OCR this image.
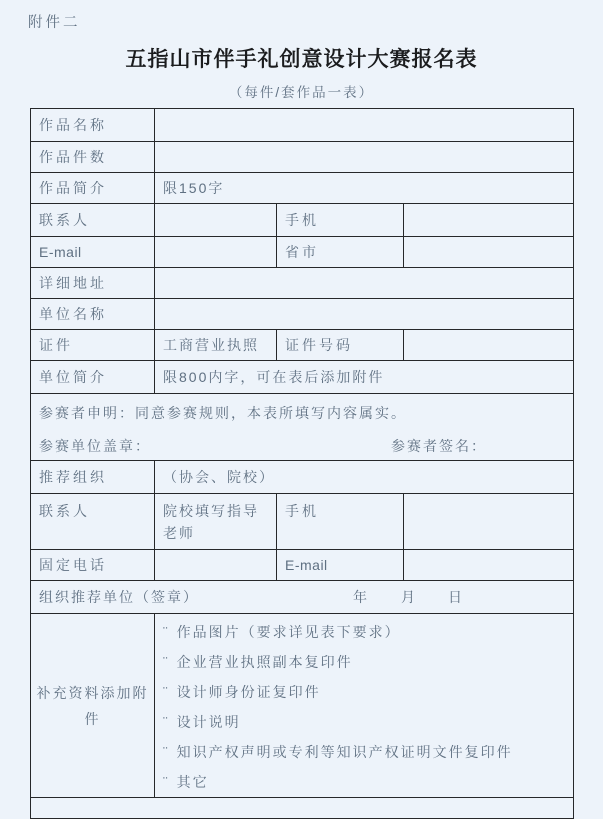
附件二
五指山市伴手礼创意设计大赛报名表
（每件/套作品一表）
作品名称			
作品件数			
作品简介	限150字		
联系人		手机	
E-mail		省市	
详细地址			
单位名称			
证件	工商营业执照	证件号码	
单位简介	限800内字，可在表后添加附件		

参赛者申明：同意参赛规则，本表所填写内容属实。
参赛单位盖章： 参赛者签名：			

推荐组织	（协会、院校）		
联系人	院校填写指导老师	手机	
固定电话		E-mail	

组织推荐单位（签章） 年 月 日			

补充资料添加附件	
¨ 作品图片（要求详见表下要求）
¨ 企业营业执照副本复印件
¨ 设计师身份证复印件
¨ 设计说明
¨ 知识产权声明或专利等知识产权证明文件复印件
¨ 其它
